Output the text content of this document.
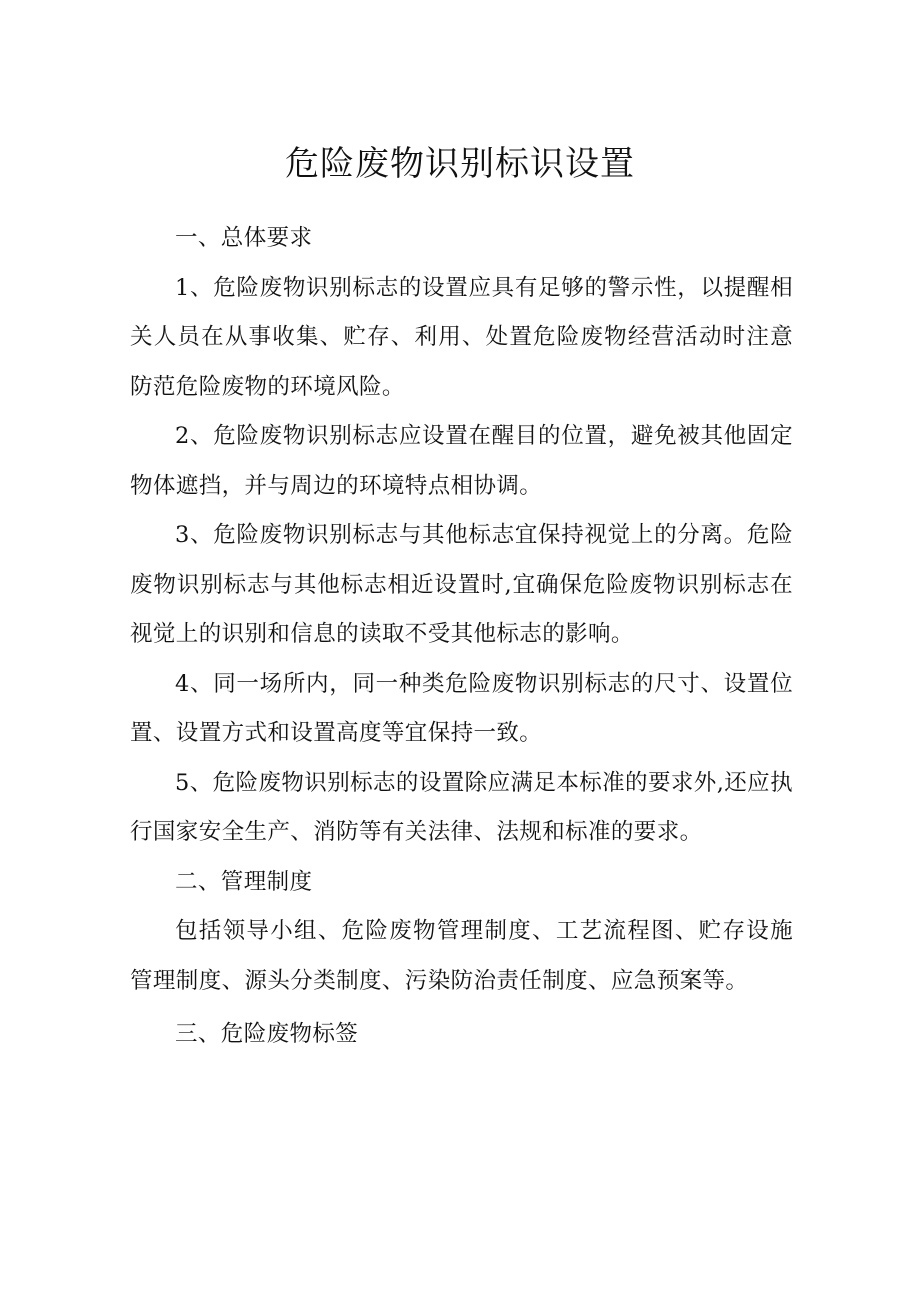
危险废物识别标识设置

一、总体要求

1、危险废物识别标志的设置应具有足够的警示性，以提醒相关人员在从事收集、贮存、利用、处置危险废物经营活动时注意防范危险废物的环境风险。

2、危险废物识别标志应设置在醒目的位置，避免被其他固定物体遮挡，并与周边的环境特点相协调。

3、危险废物识别标志与其他标志宜保持视觉上的分离。危险废物识别标志与其他标志相近设置时,宜确保危险废物识别标志在视觉上的识别和信息的读取不受其他标志的影响。

4、同一场所内，同一种类危险废物识别标志的尺寸、设置位置、设置方式和设置高度等宜保持一致。

5、危险废物识别标志的设置除应满足本标准的要求外,还应执行国家安全生产、消防等有关法律、法规和标准的要求。

二、管理制度

包括领导小组、危险废物管理制度、工艺流程图、贮存设施管理制度、源头分类制度、污染防治责任制度、应急预案等。

三、危险废物标签
